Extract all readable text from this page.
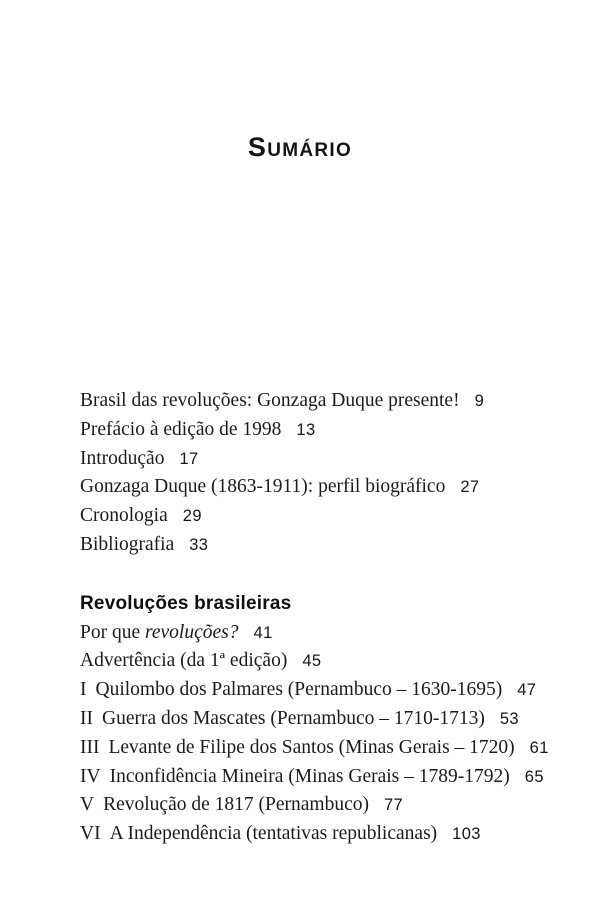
SUMÁRIO
Brasil das revoluções: Gonzaga Duque presente! 9
Prefácio à edição de 1998 13
Introdução 17
Gonzaga Duque (1863-1911): perfil biográfico 27
Cronologia 29
Bibliografia 33
Revoluções brasileiras
Por que revoluções? 41
Advertência (da 1ª edição) 45
I Quilombo dos Palmares (Pernambuco – 1630-1695) 47
II Guerra dos Mascates (Pernambuco – 1710-1713) 53
III Levante de Filipe dos Santos (Minas Gerais – 1720) 61
IV Inconfidência Mineira (Minas Gerais – 1789-1792) 65
V Revolução de 1817 (Pernambuco) 77
VI A Independência (tentativas republicanas) 103
